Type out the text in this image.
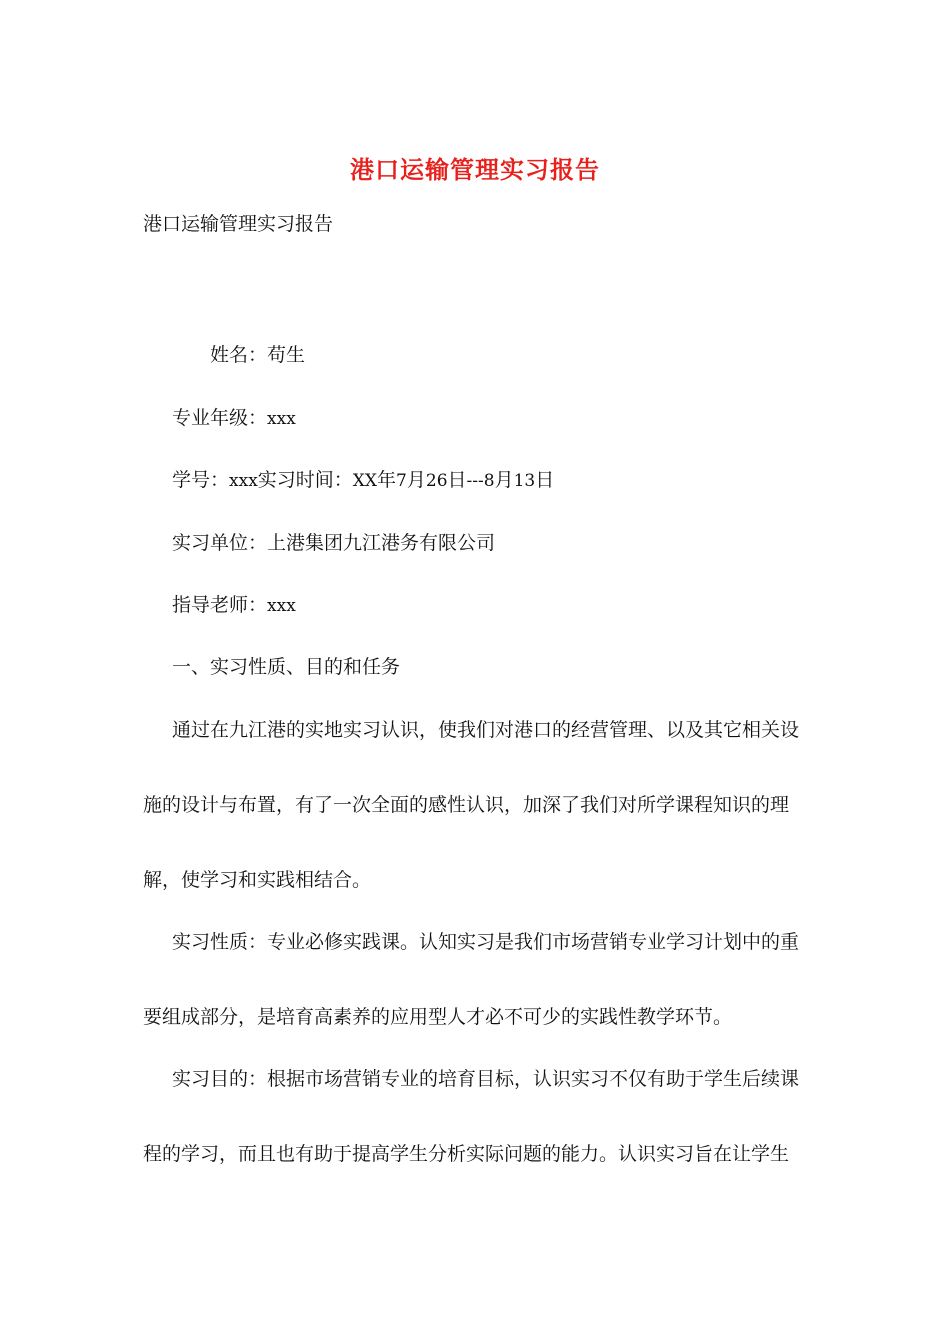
港口运输管理实习报告
港口运输管理实习报告
姓名：苟生
专业年级：xxx
学号：xxx实习时间：XX年7月26日---8月13日
实习单位：上港集团九江港务有限公司
指导老师：xxx
一、实习性质、目的和任务
通过在九江港的实地实习认识，使我们对港口的经营管理、以及其它相关设
施的设计与布置，有了一次全面的感性认识，加深了我们对所学课程知识的理
解，使学习和实践相结合。
实习性质：专业必修实践课。认知实习是我们市场营销专业学习计划中的重
要组成部分，是培育高素养的应用型人才必不可少的实践性教学环节。
实习目的：根据市场营销专业的培育目标，认识实习不仅有助于学生后续课
程的学习，而且也有助于提高学生分析实际问题的能力。认识实习旨在让学生
